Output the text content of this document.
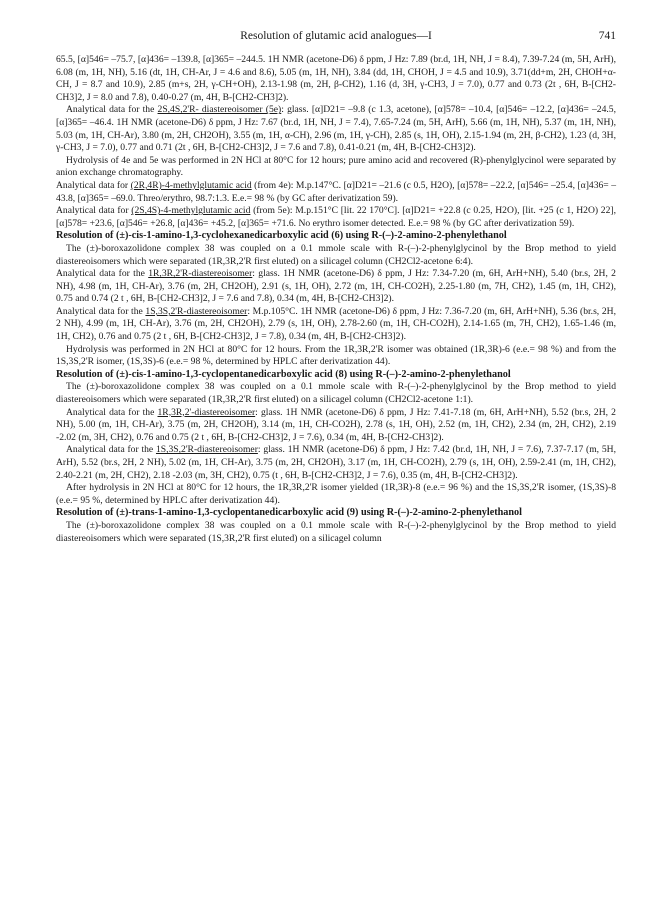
Resolution of glutamic acid analogues—I	741

65.5, [α]546= –75.7, [α]436= –139.8, [α]365= –244.5. 1H NMR (acetone-D6) δ ppm, J Hz: 7.89 (br.d, 1H, NH, J = 8.4), 7.39-7.24 (m, 5H, ArH), 6.08 (m, 1H, NH), 5.16 (dt, 1H, CH-Ar, J = 4.6 and 8.6), 5.05 (m, 1H, NH), 3.84 (dd, 1H, CHOH, J = 4.5 and 10.9), 3.71(dd+m, 2H, CHOH+α-CH, J = 8.7 and 10.9), 2.85 (m+s, 2H, γ-CH+OH), 2.13-1.98 (m, 2H, β-CH2), 1.16 (d, 3H, γ-CH3, J = 7.0), 0.77 and 0.73 (2t , 6H, B-[CH2-CH3]2, J = 8.0 and 7.8), 0.40-0.27 (m, 4H, B-[CH2-CH3]2).

Analytical data for the 2S,4S,2'R- diastereoisomer (5e): glass. [α]D21= –9.8 (c 1.3, acetone), [α]578= –10.4, [α]546= –12.2, [α]436= –24.5, [α]365= –46.4. 1H NMR (acetone-D6) δ ppm, J Hz: 7.67 (br.d, 1H, NH, J = 7.4), 7.65-7.24 (m, 5H, ArH), 5.66 (m, 1H, NH), 5.37 (m, 1H, NH), 5.03 (m, 1H, CH-Ar), 3.80 (m, 2H, CH2OH), 3.55 (m, 1H, α-CH), 2.96 (m, 1H, γ-CH), 2.85 (s, 1H, OH), 2.15-1.94 (m, 2H, β-CH2), 1.23 (d, 3H, γ-CH3, J = 7.0), 0.77 and 0.71 (2t , 6H, B-[CH2-CH3]2, J = 7.6 and 7.8), 0.41-0.21 (m, 4H, B-[CH2-CH3]2).

Hydrolysis of 4e and 5e was performed in 2N HCl at 80°C for 12 hours; pure amino acid and recovered (R)-phenylglycinol were separated by anion exchange chromatography.

Analytical data for (2R,4R)-4-methylglutamic acid (from 4e): M.p.147°C. [α]D21= –21.6 (c 0.5, H2O), [α]578= –22.2, [α]546= –25.4, [α]436= –43.8, [α]365= –69.0. Threo/erythro, 98.7:1.3. E.e.= 98 % (by GC after derivatization 59).

Analytical data for (2S,4S)-4-methylglutamic acid (from 5e): M.p.151°C [lit. 22 170°C]. [α]D21= +22.8 (c 0.25, H2O), [lit. +25 (c 1, H2O) 22], [α]578= +23.6, [α]546= +26.8, [α]436= +45.2, [α]365= +71.6. No erythro isomer detected. E.e.= 98 % (by GC after derivatization 59).

Resolution of (±)-cis-1-amino-1,3-cyclohexanedicarboxylic acid (6) using R-(–)-2-amino-2-phenylethanol

The (±)-boroxazolidone complex 38 was coupled on a 0.1 mmole scale with R-(–)-2-phenylglycinol by the Brop method to yield diastereoisomers which were separated (1R,3R,2'R first eluted) on a silicagel column (CH2Cl2-acetone 6:4).

Analytical data for the 1R,3R,2'R-diastereoisomer: glass. 1H NMR (acetone-D6) δ ppm, J Hz: 7.34-7.20 (m, 6H, ArH+NH), 5.40 (br.s, 2H, 2 NH), 4.98 (m, 1H, CH-Ar), 3.76 (m, 2H, CH2OH), 2.91 (s, 1H, OH), 2.72 (m, 1H, CH-CO2H), 2.25-1.80 (m, 7H, CH2), 1.45 (m, 1H, CH2), 0.75 and 0.74 (2 t , 6H, B-[CH2-CH3]2, J = 7.6 and 7.8), 0.34 (m, 4H, B-[CH2-CH3]2).

Analytical data for the 1S,3S,2'R-diastereoisomer: M.p.105°C. 1H NMR (acetone-D6) δ ppm, J Hz: 7.36-7.20 (m, 6H, ArH+NH), 5.36 (br.s, 2H, 2 NH), 4.99 (m, 1H, CH-Ar), 3.76 (m, 2H, CH2OH), 2.79 (s, 1H, OH), 2.78-2.60 (m, 1H, CH-CO2H), 2.14-1.65 (m, 7H, CH2), 1.65-1.46 (m, 1H, CH2), 0.76 and 0.75 (2 t , 6H, B-[CH2-CH3]2, J = 7.8), 0.34 (m, 4H, B-[CH2-CH3]2).

Hydrolysis was performed in 2N HCl at 80°C for 12 hours. From the 1R,3R,2'R isomer was obtained (1R,3R)-6 (e.e.= 98 %) and from the 1S,3S,2'R isomer, (1S,3S)-6 (e.e.= 98 %, determined by HPLC after derivatization 44).

Resolution of (±)-cis-1-amino-1,3-cyclopentanedicarboxylic acid (8) using R-(–)-2-amino-2-phenylethanol

The (±)-boroxazolidone complex 38 was coupled on a 0.1 mmole scale with R-(–)-2-phenylglycinol by the Brop method to yield diastereoisomers which were separated (1R,3R,2'R first eluted) on a silicagel column (CH2Cl2-acetone 1:1).

Analytical data for the 1R,3R,2'-diastereoisomer: glass. 1H NMR (acetone-D6) δ ppm, J Hz: 7.41-7.18 (m, 6H, ArH+NH), 5.52 (br.s, 2H, 2 NH), 5.00 (m, 1H, CH-Ar), 3.75 (m, 2H, CH2OH), 3.14 (m, 1H, CH-CO2H), 2.78 (s, 1H, OH), 2.52 (m, 1H, CH2), 2.34 (m, 2H, CH2), 2.19 -2.02 (m, 3H, CH2), 0.76 and 0.75 (2 t , 6H, B-[CH2-CH3]2, J = 7.6), 0.34 (m, 4H, B-[CH2-CH3]2).

Analytical data for the 1S,3S,2'R-diastereoisomer: glass. 1H NMR (acetone-D6) δ ppm, J Hz: 7.42 (br.d, 1H, NH, J = 7.6), 7.37-7.17 (m, 5H, ArH), 5.52 (br.s, 2H, 2 NH), 5.02 (m, 1H, CH-Ar), 3.75 (m, 2H, CH2OH), 3.17 (m, 1H, CH-CO2H), 2.79 (s, 1H, OH), 2.59-2.41 (m, 1H, CH2), 2.40-2.21 (m, 2H, CH2), 2.18 -2.03 (m, 3H, CH2), 0.75 (t , 6H, B-[CH2-CH3]2, J = 7.6), 0.35 (m, 4H, B-[CH2-CH3]2).

After hydrolysis in 2N HCl at 80°C for 12 hours, the 1R,3R,2'R isomer yielded (1R,3R)-8 (e.e.= 96 %) and the 1S,3S,2'R isomer, (1S,3S)-8 (e.e.= 95 %, determined by HPLC after derivatization 44).

Resolution of (±)-trans-1-amino-1,3-cyclopentanedicarboxylic acid (9) using R-(–)-2-amino-2-phenylethanol

The (±)-boroxazolidone complex 38 was coupled on a 0.1 mmole scale with R-(–)-2-phenylglycinol by the Brop method to yield diastereoisomers which were separated (1S,3R,2'R first eluted) on a silicagel column
